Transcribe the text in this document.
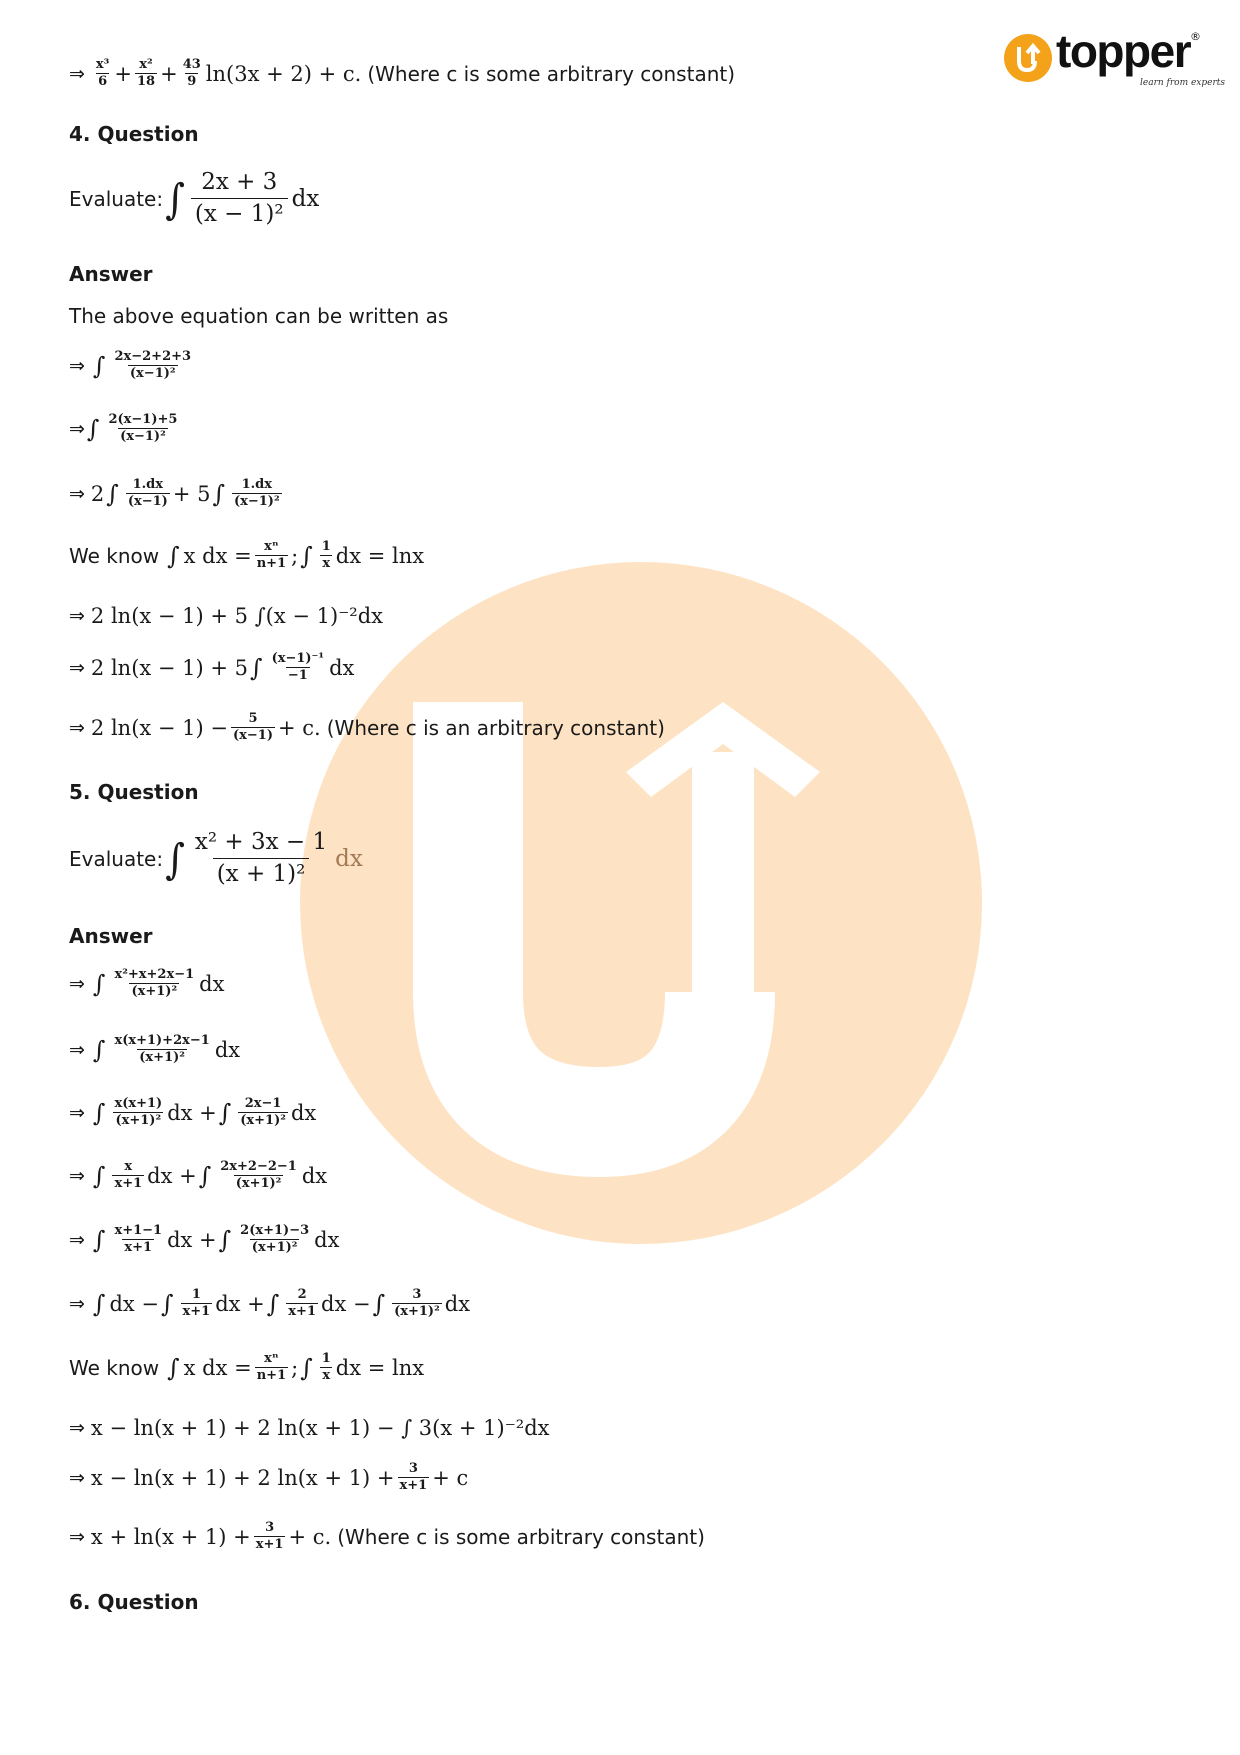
topper
learn from experts
®
⇒ $\frac{\text{x³}}{6} + \frac{\text{x²}}{18} + \frac{43}{9} \ln(3x + 2) + c$. (Where c is some arbitrary constant)
4. Question
Evaluate: ∫ $\frac{2x + 3}{\text{(x − 1)²}}$ dx
Answer
The above equation can be written as
⇒ ∫ $\frac{2x-2+2+3}{\text{(x−1)²}}$
⇒ ∫ $\frac{2(x-1)+5}{\text{(x−1)²}}$
⇒ 2 ∫ $\frac{1.dx}{(x-1)} + 5$ ∫ $\frac{1.dx}{\text{(x−1)²}}$
We know ∫ x dx = $\frac{\text{xⁿ}}{n+1}$ ; ∫ $\frac{1}{x}$ dx = lnx
⇒ 2 ln(x − 1) + 5 ∫(x − 1)⁻²dx
⇒ 2 ln(x − 1) + 5 ∫ $\frac{\text{(x−1)⁻¹}}{-1}$ dx
⇒ 2 $\ln(x - 1) - \frac{5}{(x-1)} + c$. (Where c is an arbitrary constant)
5. Question
Evaluate: ∫ $\frac{\text{x² + 3x − 1}}{\text{(x + 1)²}}$ dx
Answer
⇒ ∫ $\frac{\text{x²+x+2x−1}}{\text{(x+1)²}}$ dx
⇒ ∫ $\frac{x(x+1)+2x-1}{\text{(x+1)²}}$ dx
⇒ ∫ $\frac{x(x+1)}{\text{(x+1)²}}$ dx + ∫ $\frac{2x-1}{\text{(x+1)²}}$ dx
⇒ ∫ $\frac{x}{x+1}$ dx + ∫ $\frac{2x+2-2-1}{\text{(x+1)²}}$ dx
⇒ ∫ $\frac{x+1-1}{x+1}$ dx + ∫ $\frac{2(x+1)-3}{\text{(x+1)²}}$ dx
⇒ ∫ dx − ∫ $\frac{1}{x+1}$ dx + ∫ $\frac{2}{x+1}$ dx − ∫ $\frac{3}{\text{(x+1)²}}$ dx
We know ∫ x dx = $\frac{\text{xⁿ}}{n+1}$ ; ∫ $\frac{1}{x}$ dx = lnx
⇒ x − ln(x + 1) + 2 ln(x + 1) − ∫ 3(x + 1)⁻²dx
⇒ x − ln(x + 1) + 2 $\ln(x + 1) + \frac{3}{x+1} + c$
⇒ $x + \ln(x + 1) + \frac{3}{x+1} + c$. (Where c is some arbitrary constant)
6. Question
